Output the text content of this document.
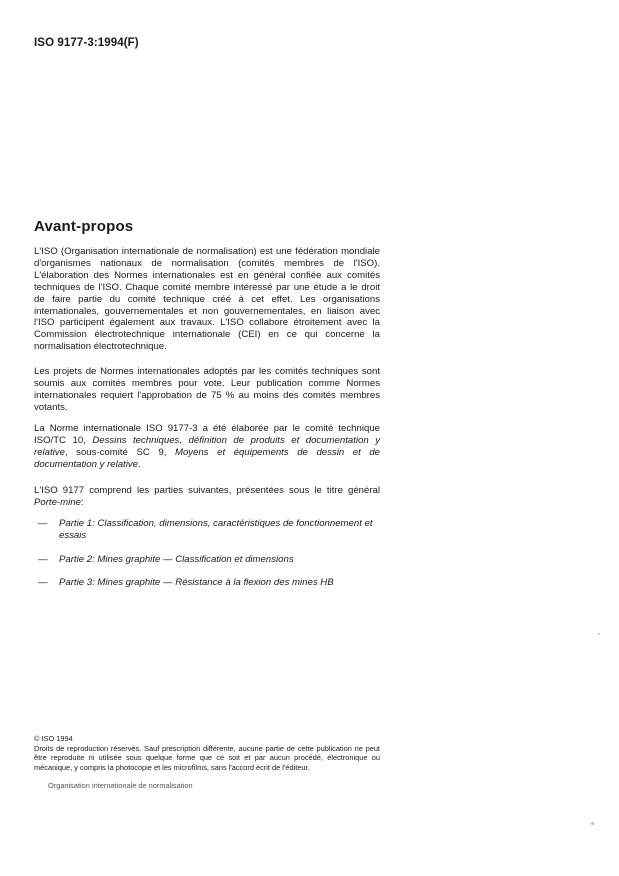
ISO 9177-3:1994(F)
Avant-propos

L'ISO (Organisation internationale de normalisation) est une fédération mondiale d'organismes nationaux de normalisation (comités membres de l'ISO). L'élaboration des Normes internationales est en général confiée aux comités techniques de l'ISO. Chaque comité membre intéressé par une étude a le droit de faire partie du comité technique créé à cet effet. Les organisations internationales, gouvernementales et non gouvernementales, en liaison avec l'ISO participent également aux travaux. L'ISO collabore étroitement avec la Commission électrotechnique internationale (CEI) en ce qui concerne la normalisation électrotechnique.

Les projets de Normes internationales adoptés par les comités techniques sont soumis aux comités membres pour vote. Leur publication comme Normes internationales requiert l'approbation de 75 % au moins des comités membres votants.

La Norme internationale ISO 9177-3 a été élaborée par le comité technique ISO/TC 10, Dessins techniques, définition de produits et documentation y relative, sous-comité SC 9, Moyens et équipements de dessin et de documentation y relative.

L'ISO 9177 comprend les parties suivantes, présentées sous le titre général Porte-mine:

—	Partie 1: Classification, dimensions, caractéristiques de fonctionnement et essais
—	Partie 2: Mines graphite — Classification et dimensions
—	Partie 3: Mines graphite — Résistance à la flexion des mines HB
© ISO 1994
Droits de reproduction réservés. Sauf prescription différente, aucune partie de cette publication ne peut être reproduite ni utilisée sous quelque forme que ce soit et par aucun procédé, électronique ou mécanique, y compris la photocopie et les microfilms, sans l'accord écrit de l'éditeur.
Organisation internationale de normalisation
